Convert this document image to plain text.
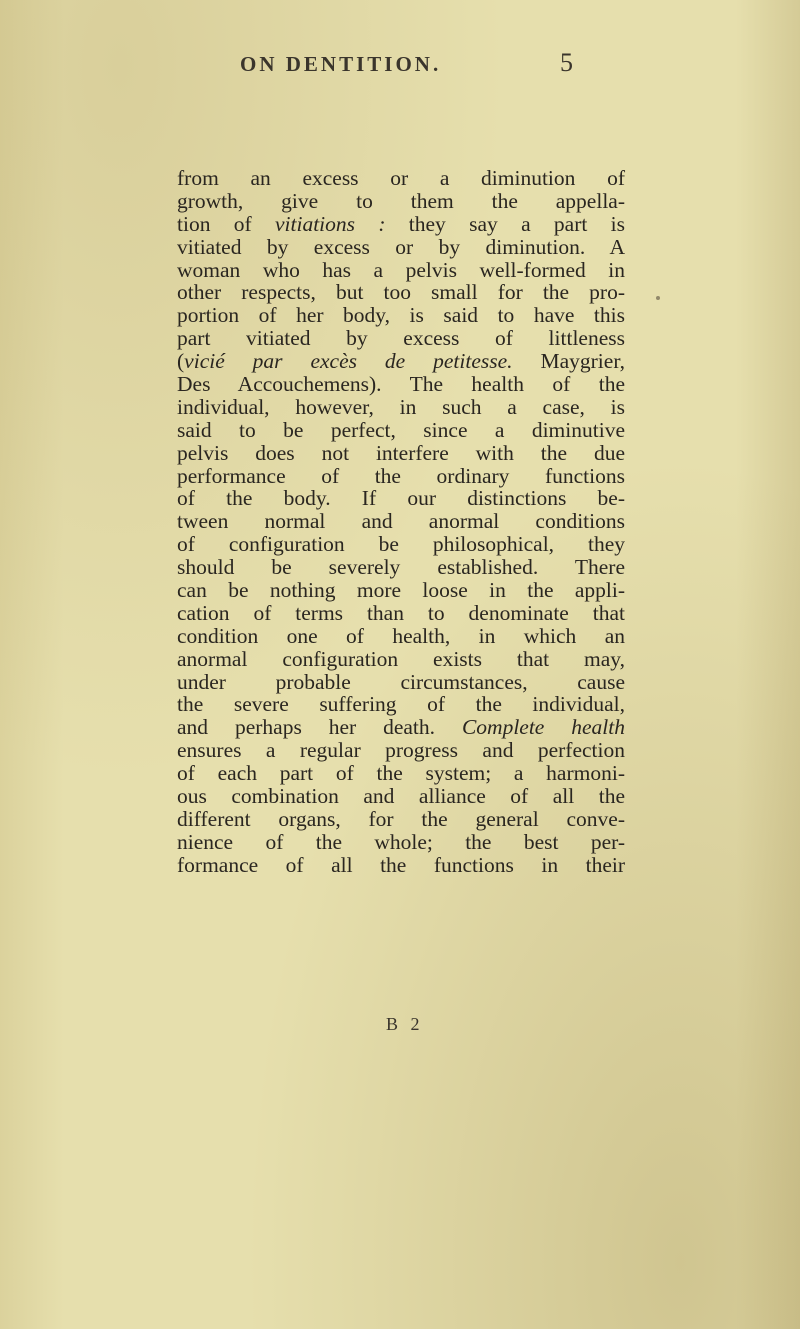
ON DENTITION.	5
from an excess or a diminution of
growth, give to them the appella-
tion of vitiations : they say a part is
vitiated by excess or by diminution. A
woman who has a pelvis well-formed in
other respects, but too small for the pro-
portion of her body, is said to have this
part vitiated by excess of littleness
(vicié par excès de petitesse. Maygrier,
Des Accouchemens). The health of the
individual, however, in such a case, is
said to be perfect, since a diminutive
pelvis does not interfere with the due
performance of the ordinary functions
of the body. If our distinctions be-
tween normal and anormal conditions
of configuration be philosophical, they
should be severely established. There
can be nothing more loose in the appli-
cation of terms than to denominate that
condition one of health, in which an
anormal configuration exists that may,
under probable circumstances, cause
the severe suffering of the individual,
and perhaps her death. Complete health
ensures a regular progress and perfection
of each part of the system; a harmoni-
ous combination and alliance of all the
different organs, for the general conve-
nience of the whole; the best per-
formance of all the functions in their
B 2
